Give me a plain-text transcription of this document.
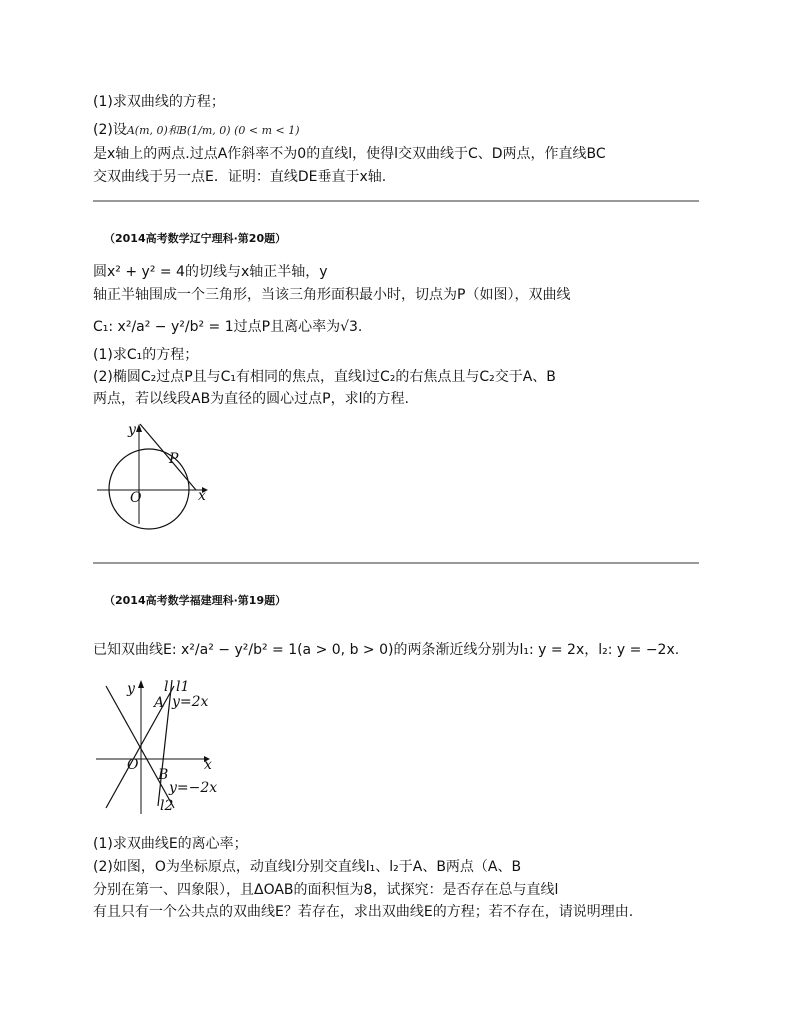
(1)求双曲线的方程；
(2)设A(m, 0)和B(1/m, 0) (0 < m < 1)
是x轴上的两点.过点A作斜率不为0的直线l，使得l交双曲线于C、D两点，作直线BC
交双曲线于另一点E．证明：直线DE垂直于x轴.
（2014高考数学辽宁理科·第20题）
圆x² + y² = 4的切线与x轴正半轴，y
轴正半轴围成一个三角形，当该三角形面积最小时，切点为P（如图），双曲线
C₁: x²/a² − y²/b² = 1过点P且离心率为√3.
(1)求C₁的方程；
(2)椭圆C₂过点P且与C₁有相同的焦点，直线l过C₂的右焦点且与C₂交于A、B
两点，若以线段AB为直径的圆心过点P，求l的方程.
y
x
P
O
（2014高考数学福建理科·第19题）
已知双曲线E: x²/a² − y²/b² = 1(a > 0, b > 0)的两条渐近线分别为l₁: y = 2x，l₂: y = −2x.
y l l1
A y=2x
O	x
B
y=−2x
l2
(1)求双曲线E的离心率；
(2)如图，O为坐标原点，动直线l分别交直线l₁、l₂于A、B两点（A、B
分别在第一、四象限），且ΔOAB的面积恒为8，试探究：是否存在总与直线l
有且只有一个公共点的双曲线E？若存在，求出双曲线E的方程；若不存在，请说明理由.
